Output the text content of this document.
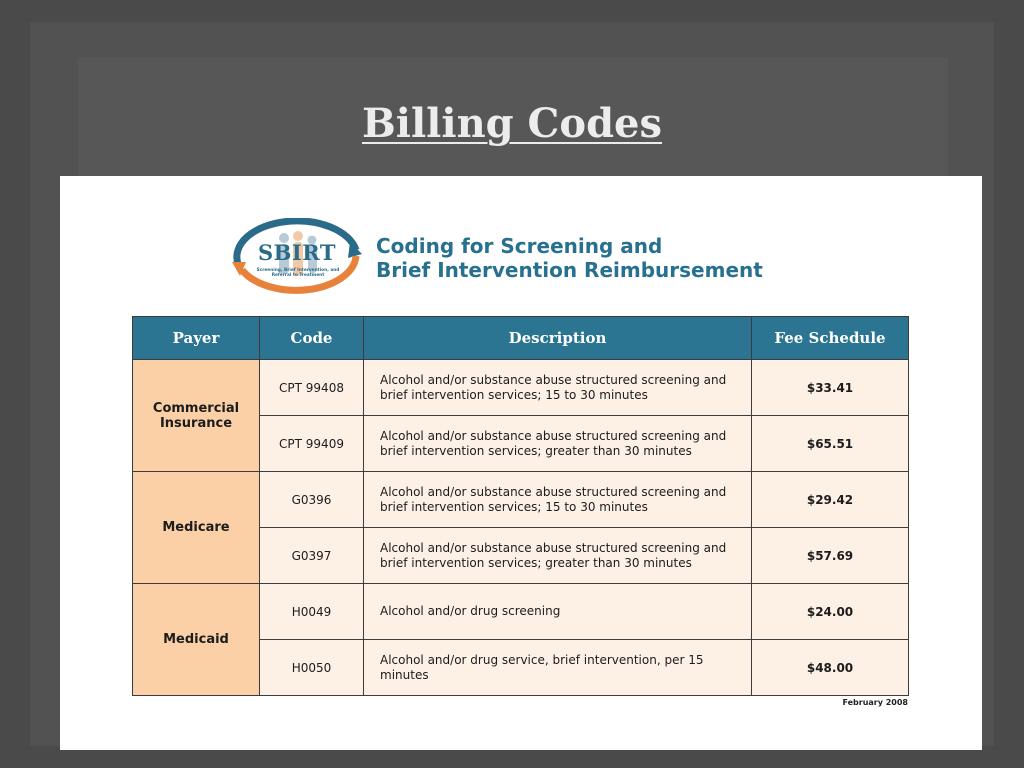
Billing Codes
SBIRT
Screening, Brief Intervention, and Referral to Treatment
Coding for Screening and
Brief Intervention Reimbursement
Payer	Code	Description	Fee Schedule
Commercial Insurance	CPT 99408	Alcohol and/or substance abuse structured screening and brief intervention services; 15 to 30 minutes	$33.41
	CPT 99409	Alcohol and/or substance abuse structured screening and brief intervention services; greater than 30 minutes	$65.51
Medicare	G0396	Alcohol and/or substance abuse structured screening and brief intervention services; 15 to 30 minutes	$29.42
	G0397	Alcohol and/or substance abuse structured screening and brief intervention services; greater than 30 minutes	$57.69
Medicaid	H0049	Alcohol and/or drug screening	$24.00
	H0050	Alcohol and/or drug service, brief intervention, per 15 minutes	$48.00
February 2008
